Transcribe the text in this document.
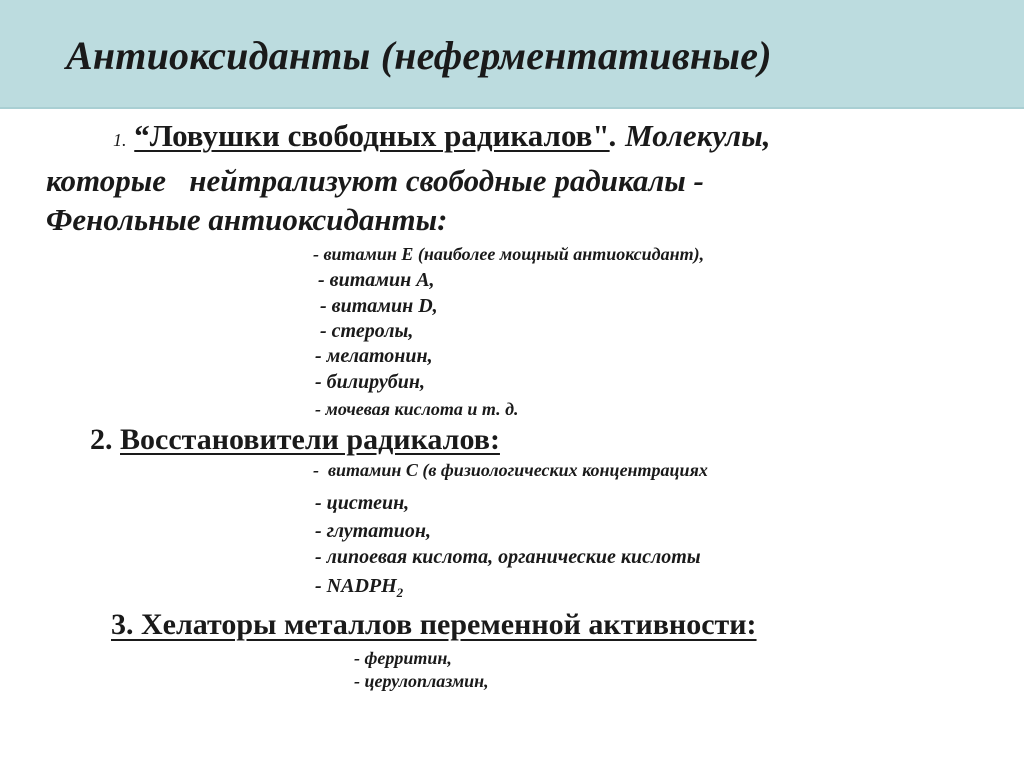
Антиоксиданты (неферментативные)
1. “Ловушки свободных радикалов". Молекулы,
которые   нейтрализуют свободные радикалы -
Фенольные антиоксиданты:
- витамин Е (наиболее мощный антиоксидант),
- витамин А,
- витамин D,
- стеролы,
- мелатонин,
- билирубин,
- мочевая кислота и т. д.
2. Восстановители радикалов:
-  витамин С (в физиологических концентрациях
- цистеин,
- глутатион,
- липоевая кислота, органические кислоты
- $NADPH_2$
3. Хелаторы металлов переменной активности:
- ферритин,
- церулоплазмин,
